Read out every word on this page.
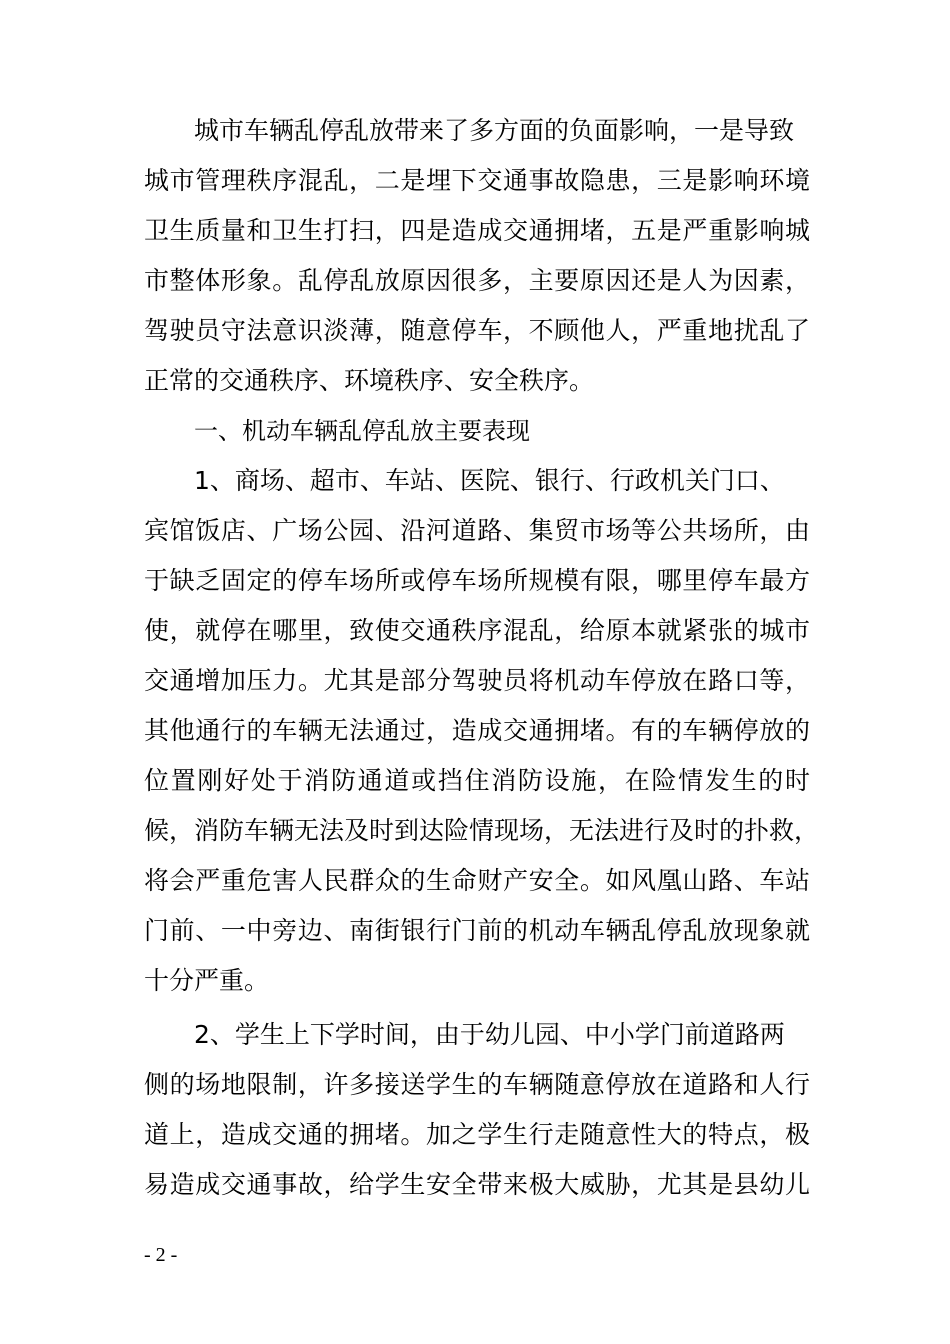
城市车辆乱停乱放带来了多方面的负面影响，一是导致
城市管理秩序混乱，二是埋下交通事故隐患，三是影响环境
卫生质量和卫生打扫，四是造成交通拥堵，五是严重影响城
市整体形象。乱停乱放原因很多，主要原因还是人为因素，
驾驶员守法意识淡薄，随意停车，不顾他人，严重地扰乱了
正常的交通秩序、环境秩序、安全秩序。
一、机动车辆乱停乱放主要表现
1、商场、超市、车站、医院、银行、行政机关门口、
宾馆饭店、广场公园、沿河道路、集贸市场等公共场所，由
于缺乏固定的停车场所或停车场所规模有限，哪里停车最方
使，就停在哪里，致使交通秩序混乱，给原本就紧张的城市
交通增加压力。尤其是部分驾驶员将机动车停放在路口等，
其他通行的车辆无法通过，造成交通拥堵。有的车辆停放的
位置刚好处于消防通道或挡住消防设施，在险情发生的时
候，消防车辆无法及时到达险情现场，无法进行及时的扑救，
将会严重危害人民群众的生命财产安全。如风凰山路、车站
门前、一中旁边、南街银行门前的机动车辆乱停乱放现象就
十分严重。
2、学生上下学时间，由于幼儿园、中小学门前道路两
侧的场地限制，许多接送学生的车辆随意停放在道路和人行
道上，造成交通的拥堵。加之学生行走随意性大的特点，极
易造成交通事故，给学生安全带来极大威胁，尤其是县幼儿
- 2 -
